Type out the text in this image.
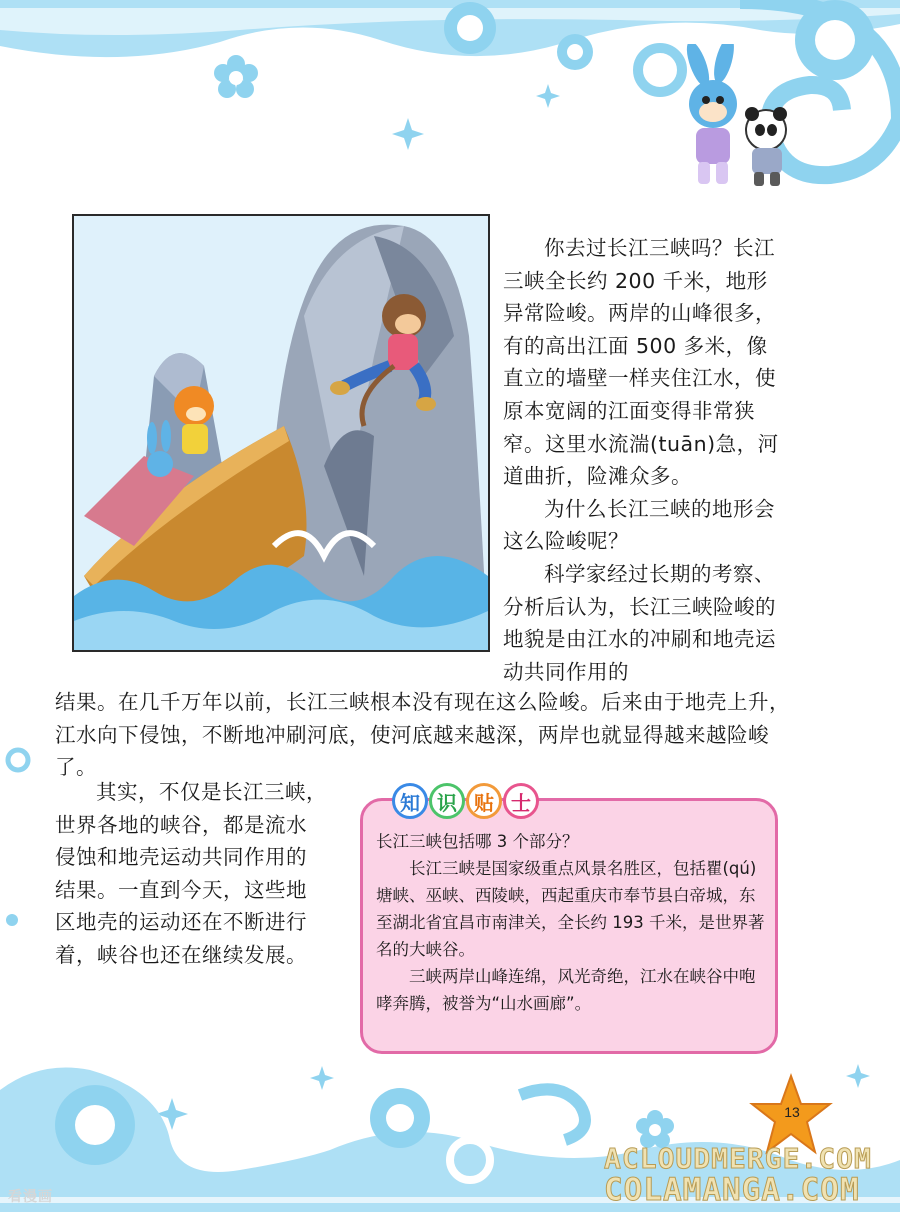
你去过长江三峡吗？长江三峡全长约 200 千米，地形异常险峻。两岸的山峰很多，有的高出江面 500 多米，像直立的墙壁一样夹住江水，使原本宽阔的江面变得非常狭窄。这里水流湍(tuān)急，河道曲折，险滩众多。

为什么长江三峡的地形会这么险峻呢？

科学家经过长期的考察、分析后认为，长江三峡险峻的地貌是由江水的冲刷和地壳运动共同作用的

结果。在几千万年以前，长江三峡根本没有现在这么险峻。后来由于地壳上升，江水向下侵蚀，不断地冲刷河底，使河底越来越深，两岸也就显得越来越险峻了。

其实，不仅是长江三峡，世界各地的峡谷，都是流水侵蚀和地壳运动共同作用的结果。一直到今天，这些地区地壳的运动还在不断进行着，峡谷也还在继续发展。

知 识 贴 士

长江三峡包括哪 3 个部分？

长江三峡是国家级重点风景名胜区，包括瞿(qú)塘峡、巫峡、西陵峡，西起重庆市奉节县白帝城，东至湖北省宜昌市南津关，全长约 193 千米，是世界著名的大峡谷。

三峡两岸山峰连绵，风光奇绝，江水在峡谷中咆哮奔腾，被誉为“山水画廊”。

13
ACLOUDMERGE.COM
COLAMANGA.COM
看漫画
